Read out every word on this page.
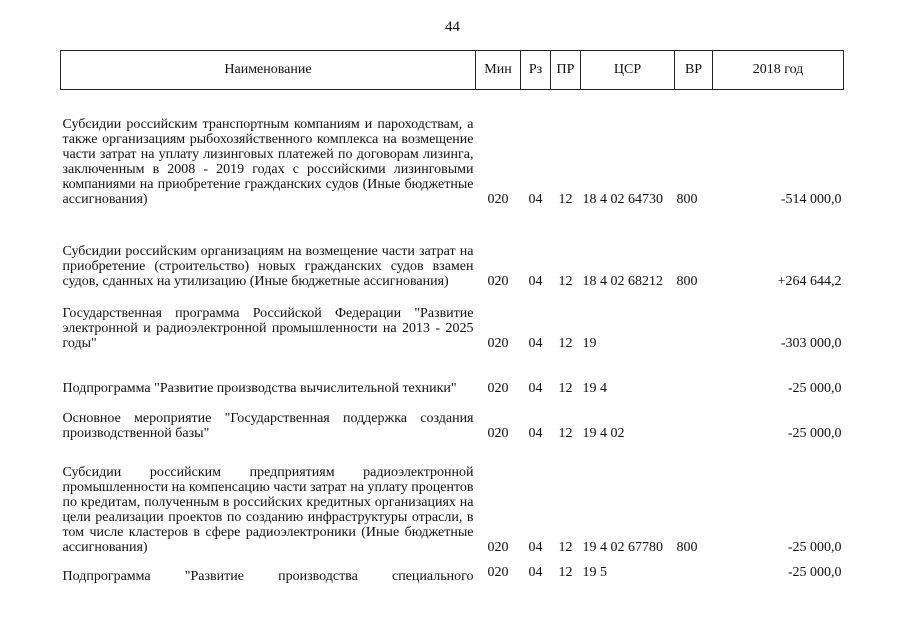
44
Наименование	Мин	Рз	ПР	ЦСР	ВР	2018 год
Субсидии российским транспортным компаниям и пароходствам, а также организациям рыбохозяйственного комплекса на возмещение части затрат на уплату лизинговых платежей по договорам лизинга, заключенным в 2008 - 2019 годах с российскими лизинговыми компаниями на приобретение гражданских судов (Иные бюджетные ассигнования)	020	04	12	18 4 02 64730	800	-514 000,0
Субсидии российским организациям на возмещение части затрат на приобретение (строительство) новых гражданских судов взамен судов, сданных на утилизацию (Иные бюджетные ассигнования)	020	04	12	18 4 02 68212	800	+264 644,2
Государственная программа Российской Федерации "Развитие электронной и радиоэлектронной промышленности на 2013 - 2025 годы"	020	04	12	19		-303 000,0
Подпрограмма "Развитие производства вычислительной техники"	020	04	12	19 4		-25 000,0
Основное мероприятие "Государственная поддержка создания производственной базы"	020	04	12	19 4 02		-25 000,0
Субсидии российским предприятиям радиоэлектронной промышленности на компенсацию части затрат на уплату процентов по кредитам, полученным в российских кредитных организациях на цели реализации проектов по созданию инфраструктуры отрасли, в том числе кластеров в сфере радиоэлектроники (Иные бюджетные ассигнования)	020	04	12	19 4 02 67780	800	-25 000,0
Подпрограмма "Развитие производства специального	020	04	12	19 5		-25 000,0
